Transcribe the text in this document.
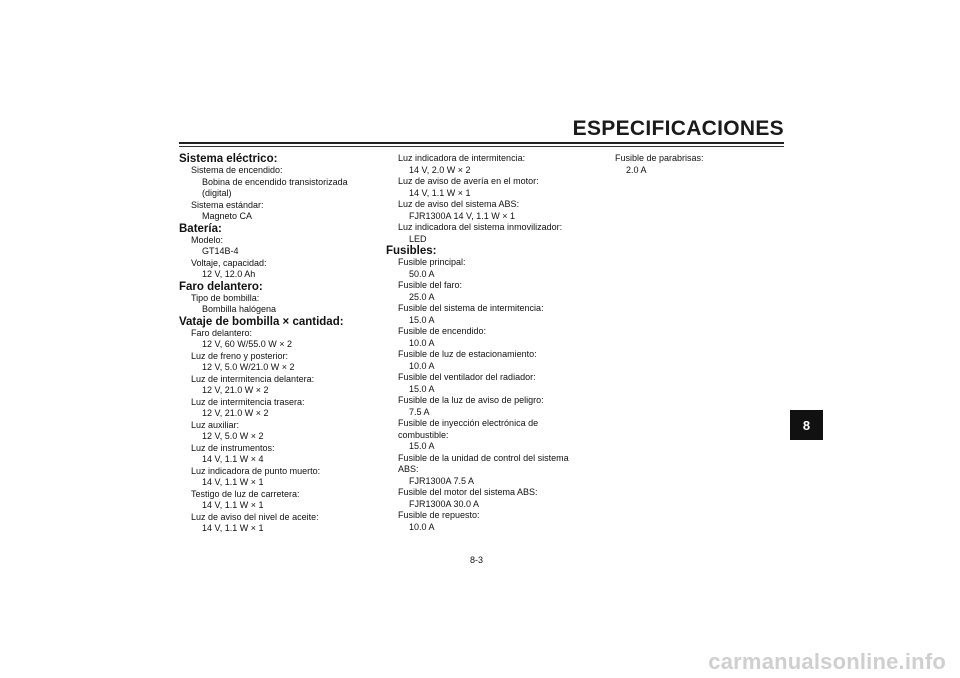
ESPECIFICACIONES
Sistema eléctrico:
Sistema de encendido:
Bobina de encendido transistorizada
(digital)
Sistema estándar:
Magneto CA
Batería:
Modelo:
GT14B-4
Voltaje, capacidad:
12 V, 12.0 Ah
Faro delantero:
Tipo de bombilla:
Bombilla halógena
Vataje de bombilla × cantidad:
Faro delantero:
12 V, 60 W/55.0 W × 2
Luz de freno y posterior:
12 V, 5.0 W/21.0 W × 2
Luz de intermitencia delantera:
12 V, 21.0 W × 2
Luz de intermitencia trasera:
12 V, 21.0 W × 2
Luz auxiliar:
12 V, 5.0 W × 2
Luz de instrumentos:
14 V, 1.1 W × 4
Luz indicadora de punto muerto:
14 V, 1.1 W × 1
Testigo de luz de carretera:
14 V, 1.1 W × 1
Luz de aviso del nivel de aceite:
14 V, 1.1 W × 1
Luz indicadora de intermitencia:
14 V, 2.0 W × 2
Luz de aviso de avería en el motor:
14 V, 1.1 W × 1
Luz de aviso del sistema ABS:
FJR1300A 14 V, 1.1 W × 1
Luz indicadora del sistema inmovilizador:
LED
Fusibles:
Fusible principal:
50.0 A
Fusible del faro:
25.0 A
Fusible del sistema de intermitencia:
15.0 A
Fusible de encendido:
10.0 A
Fusible de luz de estacionamiento:
10.0 A
Fusible del ventilador del radiador:
15.0 A
Fusible de la luz de aviso de peligro:
7.5 A
Fusible de inyección electrónica de
combustible:
15.0 A
Fusible de la unidad de control del sistema
ABS:
FJR1300A 7.5 A
Fusible del motor del sistema ABS:
FJR1300A 30.0 A
Fusible de repuesto:
10.0 A
Fusible de parabrisas:
2.0 A
8
8-3
carmanualsonline.info
